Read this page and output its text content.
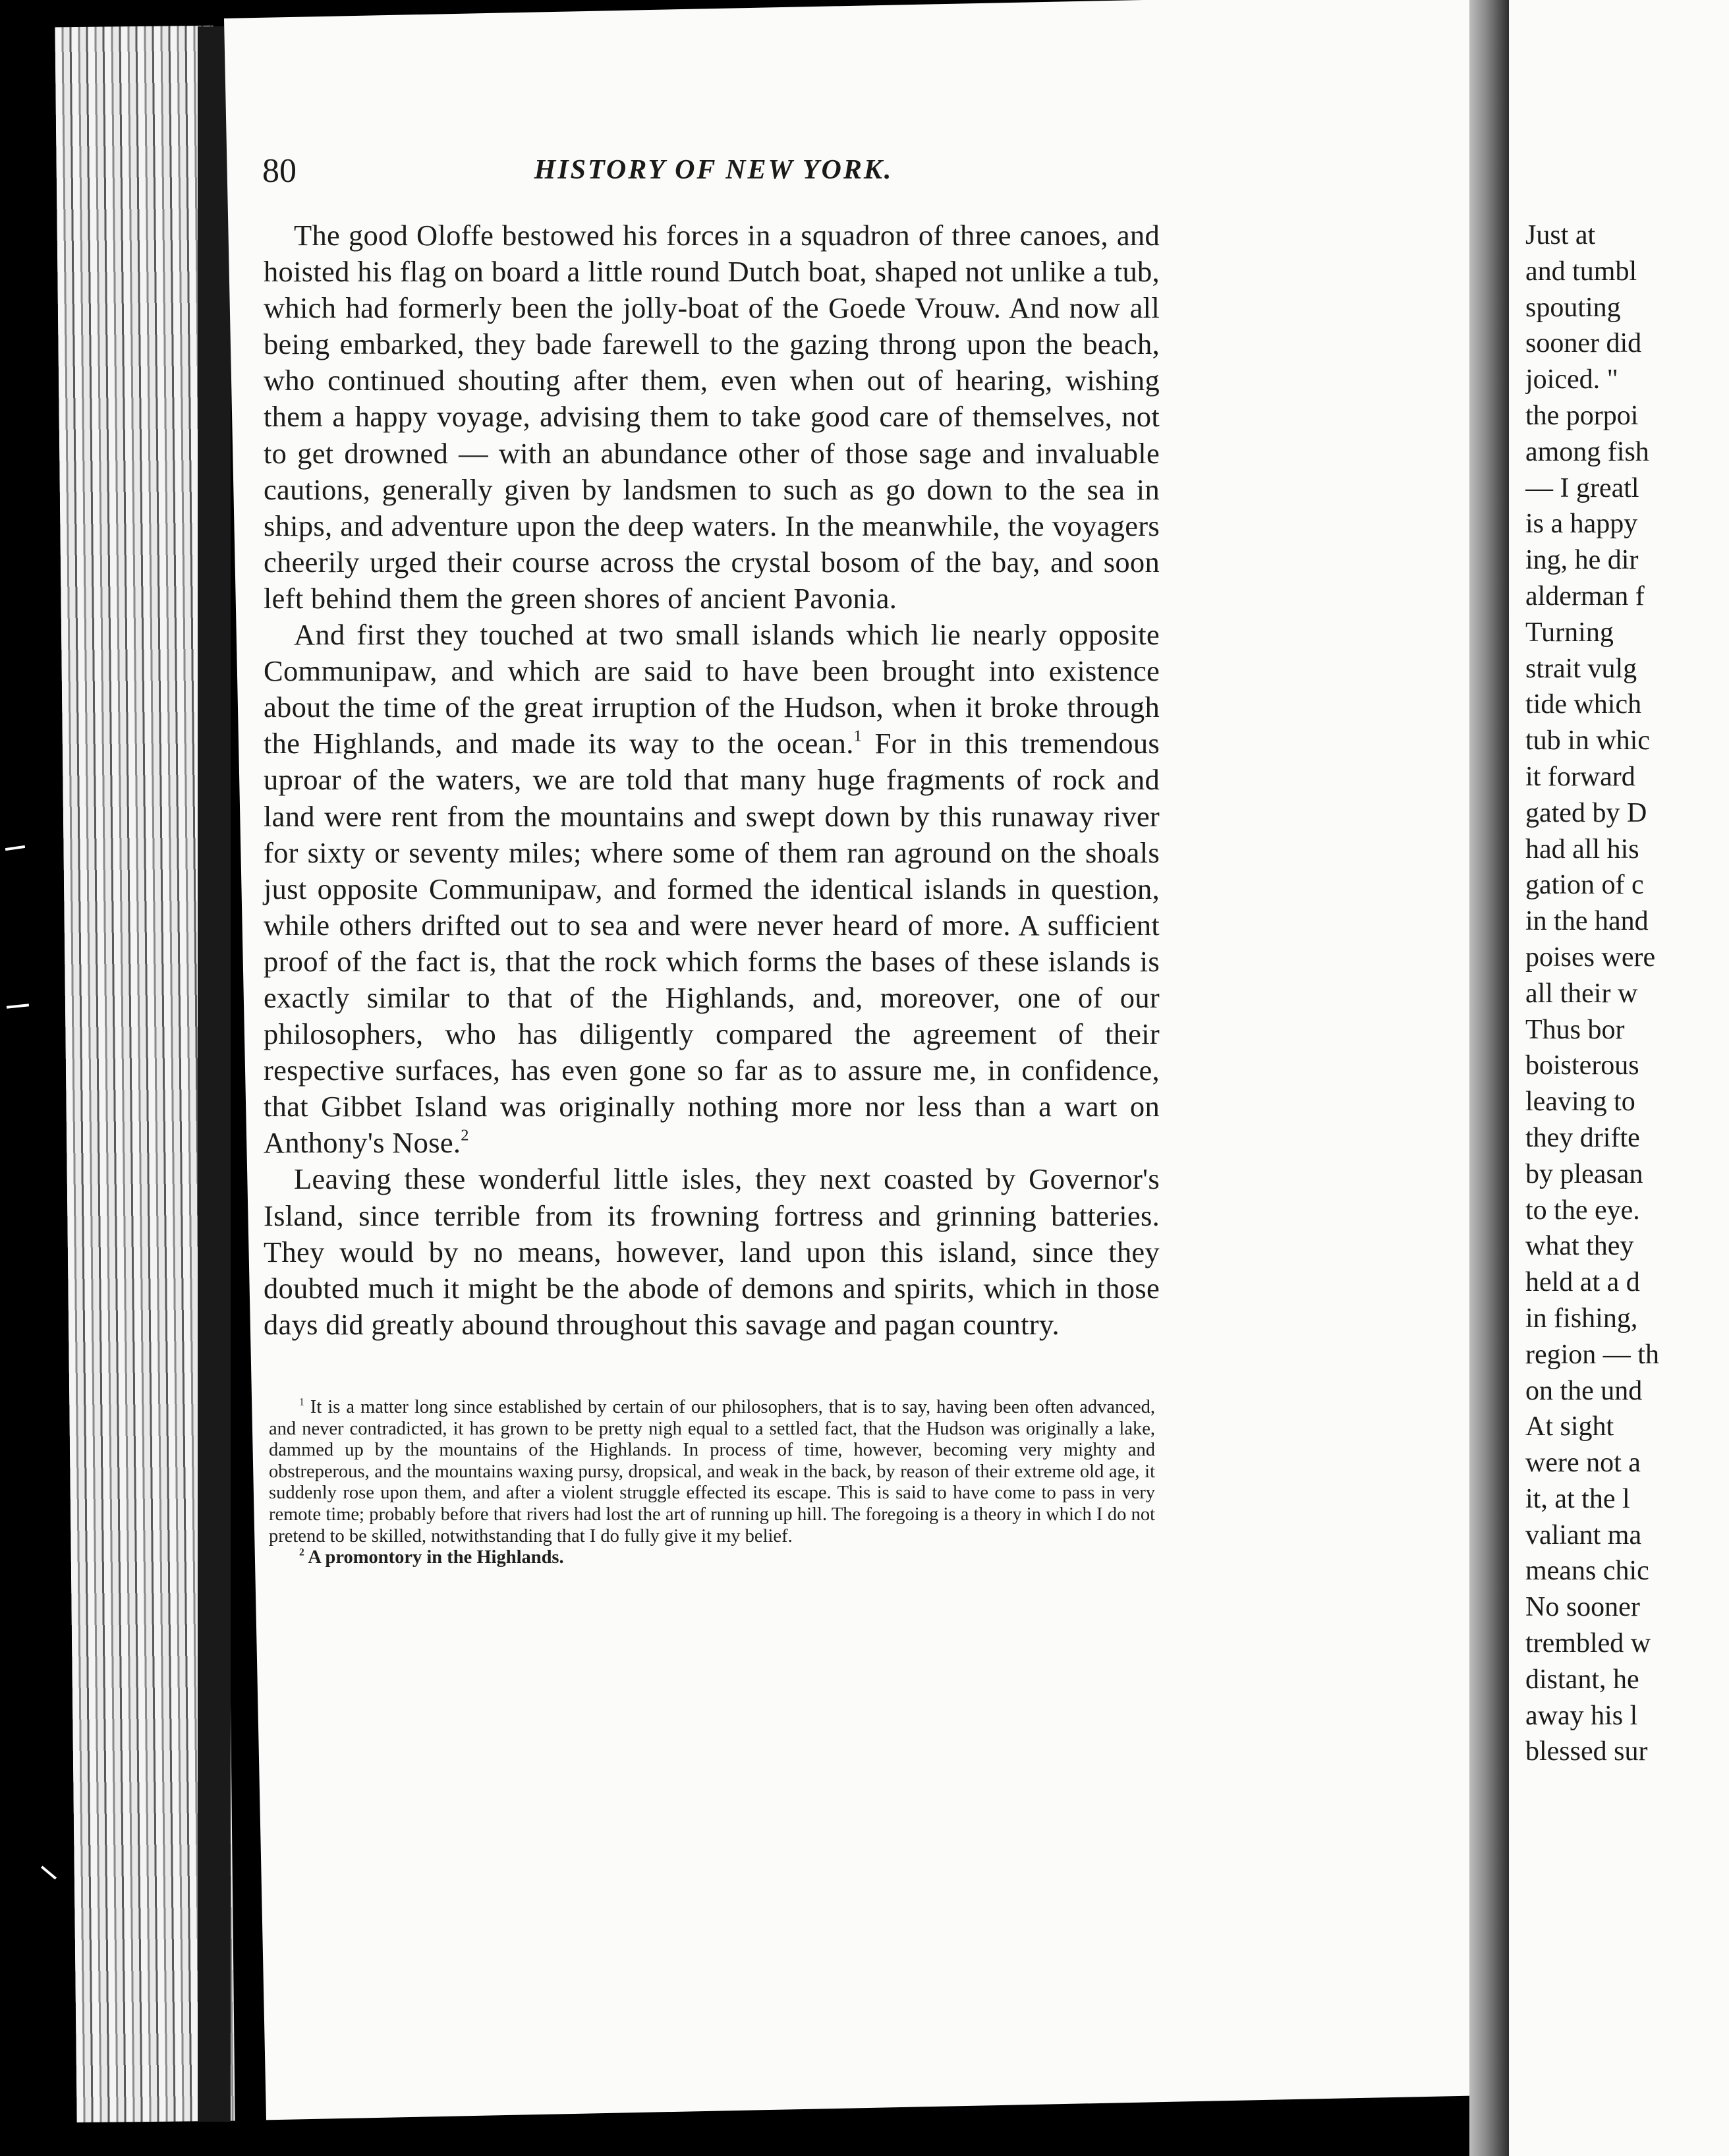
80	HISTORY OF NEW YORK.

The good Oloffe bestowed his forces in a squadron of three canoes, and hoisted his flag on board a little round Dutch boat, shaped not unlike a tub, which had formerly been the jolly-boat of the Goede Vrouw. And now all being embarked, they bade farewell to the gazing throng upon the beach, who continued shouting after them, even when out of hearing, wishing them a happy voyage, advising them to take good care of themselves, not to get drowned — with an abundance other of those sage and invaluable cautions, generally given by landsmen to such as go down to the sea in ships, and adventure upon the deep waters. In the meanwhile, the voyagers cheerily urged their course across the crystal bosom of the bay, and soon left behind them the green shores of ancient Pavonia.

And first they touched at two small islands which lie nearly opposite Communipaw, and which are said to have been brought into existence about the time of the great irruption of the Hudson, when it broke through the Highlands, and made its way to the ocean.$^1$ For in this tremendous uproar of the waters, we are told that many huge fragments of rock and land were rent from the mountains and swept down by this runaway river for sixty or seventy miles; where some of them ran aground on the shoals just opposite Communipaw, and formed the identical islands in question, while others drifted out to sea and were never heard of more. A sufficient proof of the fact is, that the rock which forms the bases of these islands is exactly similar to that of the Highlands, and, moreover, one of our philosophers, who has diligently compared the agreement of their respective surfaces, has even gone so far as to assure me, in confidence, that Gibbet Island was originally nothing more nor less than a wart on Anthony's Nose.$^2$

Leaving these wonderful little isles, they next coasted by Governor's Island, since terrible from its frowning fortress and grinning batteries. They would by no means, however, land upon this island, since they doubted much it might be the abode of demons and spirits, which in those days did greatly abound throughout this savage and pagan country.

$^1$ It is a matter long since established by certain of our philosophers, that is to say, having been often advanced, and never contradicted, it has grown to be pretty nigh equal to a settled fact, that the Hudson was originally a lake, dammed up by the mountains of the Highlands. In process of time, however, becoming very mighty and obstreperous, and the mountains waxing pursy, dropsical, and weak in the back, by reason of their extreme old age, it suddenly rose upon them, and after a violent struggle effected its escape. This is said to have come to pass in very remote time; probably before that rivers had lost the art of running up hill. The foregoing is a theory in which I do not pretend to be skilled, notwithstanding that I do fully give it my belief.

$^2$ A promontory in the Highlands.

Just at
and tumbl
spouting
sooner did
joiced. "
the porpoi
among fish
— I greatl
is a happy
ing, he dir
alderman f
Turning
strait vulg
tide which
tub in whic
it forward
gated by D
had all his
gation of c
in the hand
poises were
all their w
Thus bor
boisterous
leaving to
they drifte
by pleasan
to the eye.
what they
held at a d
in fishing,
region — th
on the und
At sight
were not a
it, at the l
valiant ma
means chic
No sooner
trembled w
distant, he
away his l
blessed sur
